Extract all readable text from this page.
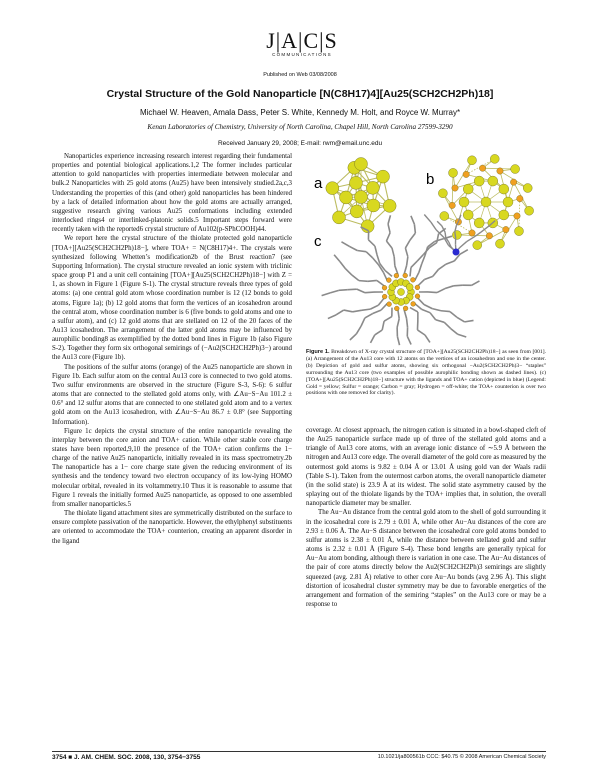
J|A|C|S
COMMUNICATIONS
Published on Web 03/08/2008
Crystal Structure of the Gold Nanoparticle [N(C8H17)4][Au25(SCH2CH2Ph)18]
Michael W. Heaven, Amala Dass, Peter S. White, Kennedy M. Holt, and Royce W. Murray*
Kenan Laboratories of Chemistry, University of North Carolina, Chapel Hill, North Carolina 27599-3290
Received January 29, 2008; E-mail: rwm@email.unc.edu

Nanoparticles experience increasing research interest regarding their fundamental properties and potential biological applications.1,2 The former includes particular attention to gold nanoparticles with properties intermediate between molecular and bulk.2 Nanoparticles with 25 gold atoms (Au25) have been intensively studied.2a,c,3 Understanding the properties of this (and other) gold nanoparticles has been hindered by a lack of detailed information about how the gold atoms are actually arranged, suggestive research giving various Au25 conformations including extended interlocked rings4 or interlinked-platonic solids.5 Important steps forward were recently taken with the reported6 crystal structure of Au102(p-SPhCOOH)44.

We report here the crystal structure of the thiolate protected gold nanoparticle [TOA+][Au25(SCH2CH2Ph)18−], where TOA+ = N(C8H17)4+. The crystals were synthesized following Whetten’s modification2b of the Brust reaction7 (see Supporting Information). The crystal structure revealed an ionic system with triclinic space group P1 and a unit cell containing [TOA+][Au25(SCH2CH2Ph)18−] with Z = 1, as shown in Figure 1 (Figure S-1). The crystal structure reveals three types of gold atoms: (a) one central gold atom whose coordination number is 12 (12 bonds to gold atoms, Figure 1a); (b) 12 gold atoms that form the vertices of an icosahedron around the central atom, whose coordination number is 6 (five bonds to gold atoms and one to a sulfur atom), and (c) 12 gold atoms that are stellated on 12 of the 20 faces of the Au13 icosahedron. The arrangement of the latter gold atoms may be influenced by aurophilic bonding8 as exemplified by the dotted bond lines in Figure 1b (also Figure S-2). Together they form six orthogonal semirings of (−Au2(SCH2CH2Ph)3−) around the Au13 core (Figure 1b).

The positions of the sulfur atoms (orange) of the Au25 nanoparticle are shown in Figure 1b. Each sulfur atom on the central Au13 core is connected to two gold atoms. Two sulfur environments are observed in the structure (Figure S-3, S-6): 6 sulfur atoms that are connected to the stellated gold atoms only, with ∠Au−S−Au 101.2 ± 0.6° and 12 sulfur atoms that are connected to one stellated gold atom and to a vertex gold atom on the Au13 icosahedron, with ∠Au−S−Au 86.7 ± 0.8° (see Supporting Information).

Figure 1c depicts the crystal structure of the entire nanoparticle revealing the interplay between the core anion and TOA+ cation. While other stable core charge states have been reported,9,10 the presence of the TOA+ cation confirms the 1− charge of the native Au25 nanoparticle, initially revealed in its mass spectrometry.2b The nanoparticle has a 1− core charge state given the reducing environment of its synthesis and the tendency toward two electron occupancy of its low-lying HOMO molecular orbital, revealed in its voltammetry.10 Thus it is reasonable to assume that Figure 1 reveals the initially formed Au25 nanoparticle, as opposed to one assembled from smaller nanoparticles.5

The thiolate ligand attachment sites are symmetrically distributed on the surface to ensure complete passivation of the nanoparticle. However, the ethylphenyl substituents are oriented to accommodate the TOA+ counterion, creating an apparent disorder in the ligand

a	b
c
Figure 1. Breakdown of X-ray crystal structure of [TOA+][Au25(SCH2CH2Ph)18−] as seen from [001]. (a) Arrangement of the Au13 core with 12 atoms on the vertices of an icosahedron and one in the center. (b) Depiction of gold and sulfur atoms, showing six orthogonal −Au2(SCH2CH2Ph)3− “staples” surrounding the Au13 core (two examples of possible aurophilic bonding shown as dashed lines). (c) [TOA+][Au25(SCH2CH2Ph)18−] structure with the ligands and TOA+ cation (depicted in blue) (Legend: Gold = yellow; Sulfur = orange; Carbon = gray; Hydrogen = off-white; the TOA+ counterion is over two positions with one removed for clarity).

coverage. At closest approach, the nitrogen cation is situated in a bowl-shaped cleft of the Au25 nanoparticle surface made up of three of the stellated gold atoms and a triangle of Au13 core atoms, with an average ionic distance of ∼5.9 Å between the nitrogen and Au13 core edge. The overall diameter of the gold core as measured by the outermost gold atoms is 9.82 ± 0.04 Å or 13.01 Å using gold van der Waals radii (Table S-1). Taken from the outermost carbon atoms, the overall nanoparticle diameter (in the solid state) is 23.9 Å at its widest. The solid state asymmetry caused by the splaying out of the thiolate ligands by the TOA+ implies that, in solution, the overall nanoparticle diameter may be smaller.

The Au−Au distance from the central gold atom to the shell of gold surrounding it in the icosahedral core is 2.79 ± 0.01 Å, while other Au−Au distances of the core are 2.93 ± 0.06 Å. The Au−S distance between the icosahedral core gold atoms bonded to sulfur atoms is 2.38 ± 0.01 Å, while the distance between stellated gold and sulfur atoms is 2.32 ± 0.01 Å (Figure S-4). These bond lengths are generally typical for Au−Au atom bonding, although there is variation in one case. The Au−Au distances of the pair of core atoms directly below the Au2(SCH2CH2Ph)3 semirings are slightly squeezed (avg. 2.81 Å) relative to other core Au−Au bonds (avg 2.96 Å). This slight distortion of icosahedral cluster symmetry may be due to favorable energetics of the arrangement and formation of the semiring “staples” on the Au13 core or may be a response to

3754 ■ J. AM. CHEM. SOC. 2008, 130, 3754−3755	10.1021/ja800561b CCC: $40.75 © 2008 American Chemical Society
